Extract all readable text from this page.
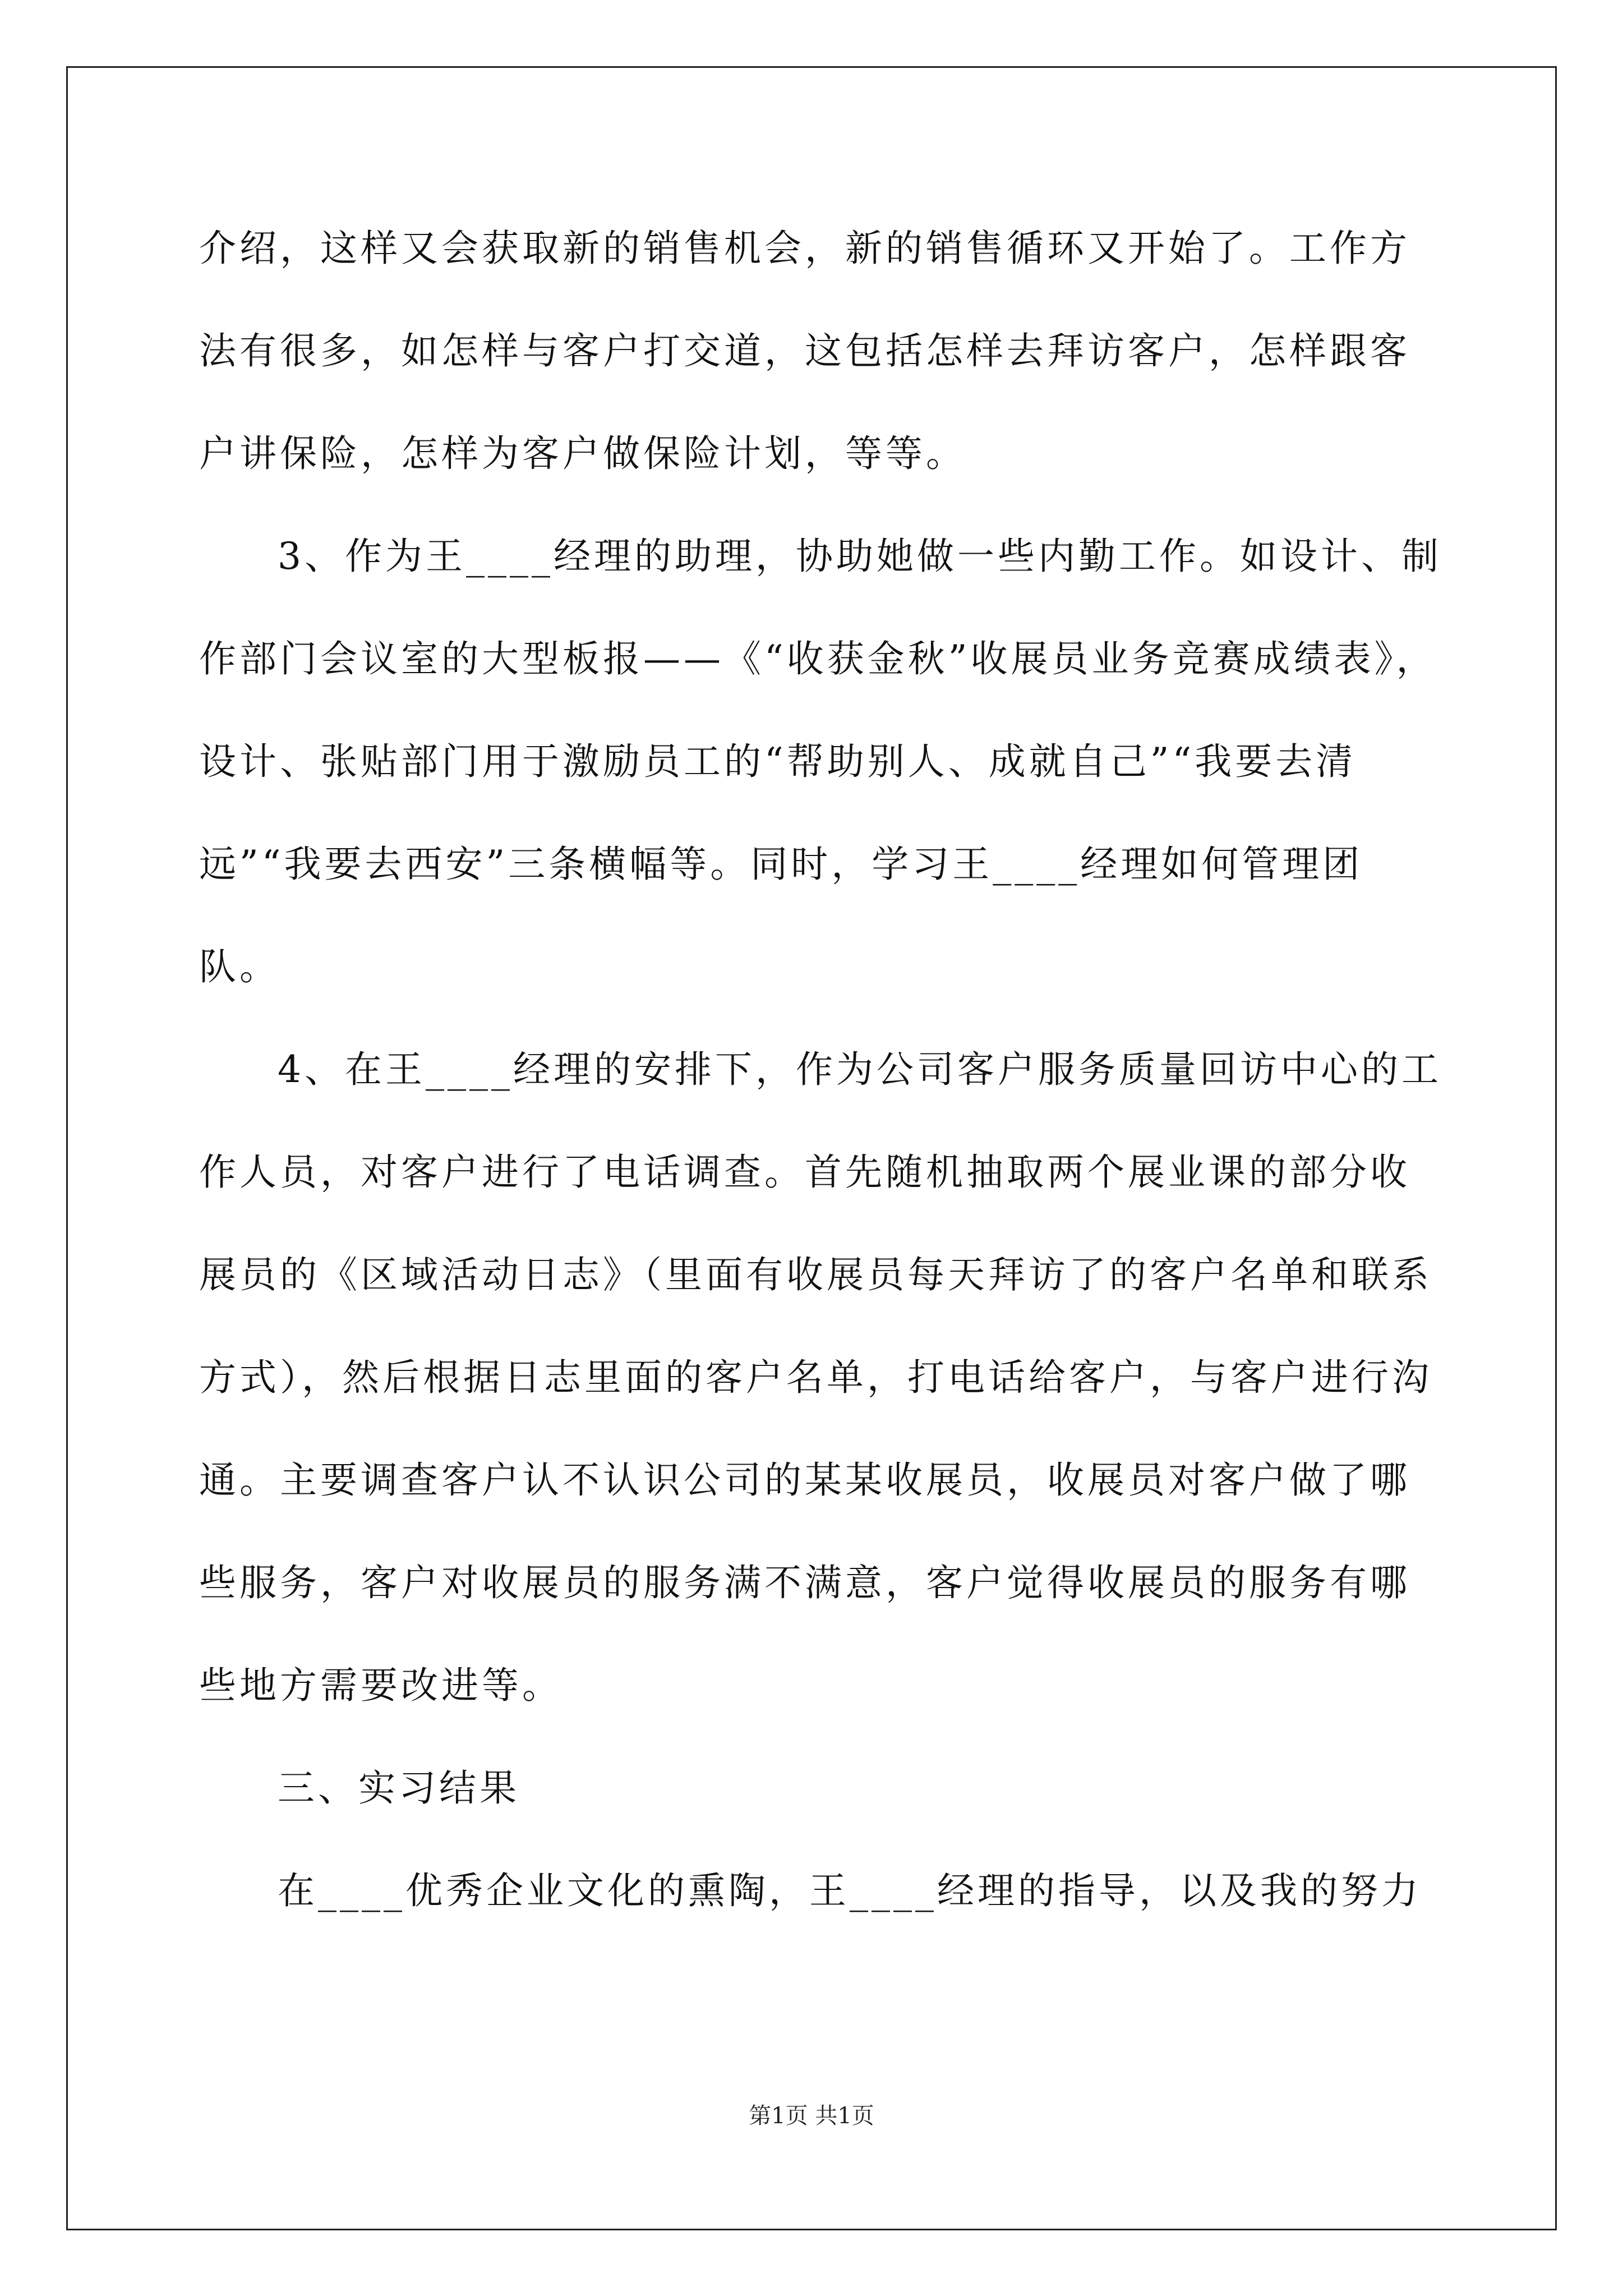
介绍，这样又会获取新的销售机会，新的销售循环又开始了。工作方
法有很多，如怎样与客户打交道，这包括怎样去拜访客户，怎样跟客
户讲保险，怎样为客户做保险计划，等等。
3、作为王____经理的助理，协助她做一些内勤工作。如设计、制
作部门会议室的大型板报——《“收获金秋”收展员业务竞赛成绩表》，
设计、张贴部门用于激励员工的“帮助别人、成就自己”“我要去清
远”“我要去西安”三条横幅等。同时，学习王____经理如何管理团
队。
4、在王____经理的安排下，作为公司客户服务质量回访中心的工
作人员，对客户进行了电话调查。首先随机抽取两个展业课的部分收
展员的《区域活动日志》（里面有收展员每天拜访了的客户名单和联系
方式），然后根据日志里面的客户名单，打电话给客户，与客户进行沟
通。主要调查客户认不认识公司的某某收展员，收展员对客户做了哪
些服务，客户对收展员的服务满不满意，客户觉得收展员的服务有哪
些地方需要改进等。
三、实习结果
在____优秀企业文化的熏陶，王____经理的指导，以及我的努力
第1页 共1页
